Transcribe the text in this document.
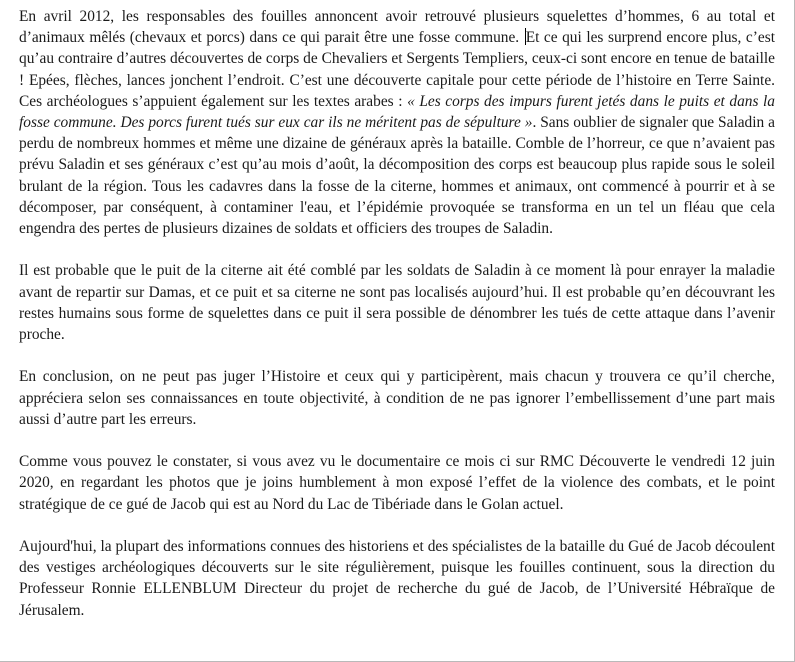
En avril 2012, les responsables des fouilles annoncent avoir retrouvé plusieurs squelettes d’hommes, 6 au total et d’animaux mêlés (chevaux et porcs) dans ce qui parait être une fosse commune. Et ce qui les surprend encore plus, c’est qu’au contraire d’autres découvertes de corps de Chevaliers et Sergents Templiers, ceux-ci sont encore en tenue de bataille ! Epées, flèches, lances jonchent l’endroit. C’est une découverte capitale pour cette période de l’histoire en Terre Sainte. Ces archéologues s’appuient également sur les textes arabes : « Les corps des impurs furent jetés dans le puits et dans la fosse commune. Des porcs furent tués sur eux car ils ne méritent pas de sépulture ». Sans oublier de signaler que Saladin a perdu de nombreux hommes et même une dizaine de généraux après la bataille. Comble de l’horreur, ce que n’avaient pas prévu Saladin et ses généraux c’est qu’au mois d’août, la décomposition des corps est beaucoup plus rapide sous le soleil brulant de la région. Tous les cadavres dans la fosse de la citerne, hommes et animaux, ont commencé à pourrir et à se décomposer, par conséquent, à contaminer l'eau, et l’épidémie provoquée se transforma en un tel un fléau que cela engendra des pertes de plusieurs dizaines de soldats et officiers des troupes de Saladin.

Il est probable que le puit de la citerne ait été comblé par les soldats de Saladin à ce moment là pour enrayer la maladie avant de repartir sur Damas, et ce puit et sa citerne ne sont pas localisés aujourd’hui. Il est probable qu’en découvrant les restes humains sous forme de squelettes dans ce puit il sera possible de dénombrer les tués de cette attaque dans l’avenir proche.

En conclusion, on ne peut pas juger l’Histoire et ceux qui y participèrent, mais chacun y trouvera ce qu’il cherche, appréciera selon ses connaissances en toute objectivité, à condition de ne pas ignorer l’embellissement d’une part mais aussi d’autre part les erreurs.

Comme vous pouvez le constater, si vous avez vu le documentaire ce mois ci sur RMC Découverte le vendredi 12 juin 2020, en regardant les photos que je joins humblement à mon exposé l’effet de la violence des combats, et le point stratégique de ce gué de Jacob qui est au Nord du Lac de Tibériade dans le Golan actuel.

Aujourd'hui, la plupart des informations connues des historiens et des spécialistes de la bataille du Gué de Jacob découlent des vestiges archéologiques découverts sur le site régulièrement, puisque les fouilles continuent, sous la direction du Professeur Ronnie ELLENBLUM Directeur du projet de recherche du gué de Jacob, de l’Université Hébraïque de Jérusalem.
